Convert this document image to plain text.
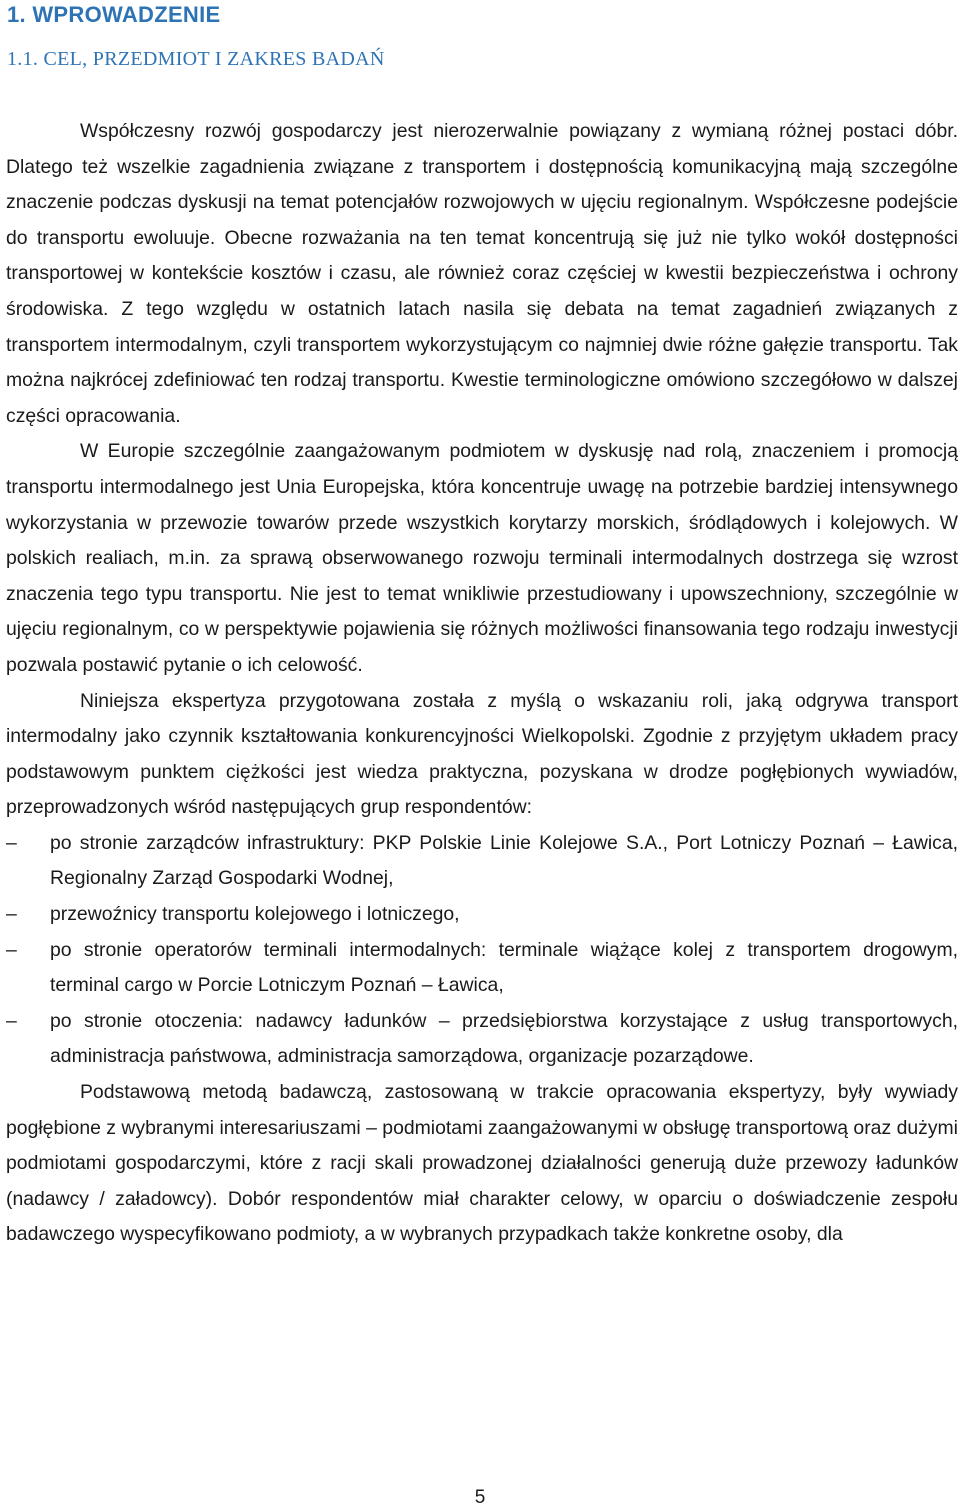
1. WPROWADZENIE
1.1. CEL, PRZEDMIOT I ZAKRES BADAŃ

Współczesny rozwój gospodarczy jest nierozerwalnie powiązany z wymianą różnej postaci dóbr. Dlatego też wszelkie zagadnienia związane z transportem i dostępnością komunikacyjną mają szczególne znaczenie podczas dyskusji na temat potencjałów rozwojowych w ujęciu regionalnym. Współczesne podejście do transportu ewoluuje. Obecne rozważania na ten temat koncentrują się już nie tylko wokół dostępności transportowej w kontekście kosztów i czasu, ale również coraz częściej w kwestii bezpieczeństwa i ochrony środowiska. Z tego względu w ostatnich latach nasila się debata na temat zagadnień związanych z transportem intermodalnym, czyli transportem wykorzystującym co najmniej dwie różne gałęzie transportu. Tak można najkrócej zdefiniować ten rodzaj transportu. Kwestie terminologiczne omówiono szczegółowo w dalszej części opracowania.

W Europie szczególnie zaangażowanym podmiotem w dyskusję nad rolą, znaczeniem i promocją transportu intermodalnego jest Unia Europejska, która koncentruje uwagę na potrzebie bardziej intensywnego wykorzystania w przewozie towarów przede wszystkich korytarzy morskich, śródlądowych i kolejowych. W polskich realiach, m.in. za sprawą obserwowanego rozwoju terminali intermodalnych dostrzega się wzrost znaczenia tego typu transportu. Nie jest to temat wnikliwie przestudiowany i upowszechniony, szczególnie w ujęciu regionalnym, co w perspektywie pojawienia się różnych możliwości finansowania tego rodzaju inwestycji pozwala postawić pytanie o ich celowość.

Niniejsza ekspertyza przygotowana została z myślą o wskazaniu roli, jaką odgrywa transport intermodalny jako czynnik kształtowania konkurencyjności Wielkopolski. Zgodnie z przyjętym układem pracy podstawowym punktem ciężkości jest wiedza praktyczna, pozyskana w drodze pogłębionych wywiadów, przeprowadzonych wśród następujących grup respondentów:

–	po stronie zarządców infrastruktury: PKP Polskie Linie Kolejowe S.A., Port Lotniczy Poznań – Ławica, Regionalny Zarząd Gospodarki Wodnej,
–	przewoźnicy transportu kolejowego i lotniczego,
–	po stronie operatorów terminali intermodalnych: terminale wiążące kolej z transportem drogowym, terminal cargo w Porcie Lotniczym Poznań – Ławica,
–	po stronie otoczenia: nadawcy ładunków – przedsiębiorstwa korzystające z usług transportowych, administracja państwowa, administracja samorządowa, organizacje pozarządowe.

Podstawową metodą badawczą, zastosowaną w trakcie opracowania ekspertyzy, były wywiady pogłębione z wybranymi interesariuszami – podmiotami zaangażowanymi w obsługę transportową oraz dużymi podmiotami gospodarczymi, które z racji skali prowadzonej działalności generują duże przewozy ładunków (nadawcy / załadowcy). Dobór respondentów miał charakter celowy, w oparciu o doświadczenie zespołu badawczego wyspecyfikowano podmioty, a w wybranych przypadkach także konkretne osoby, dla

5
